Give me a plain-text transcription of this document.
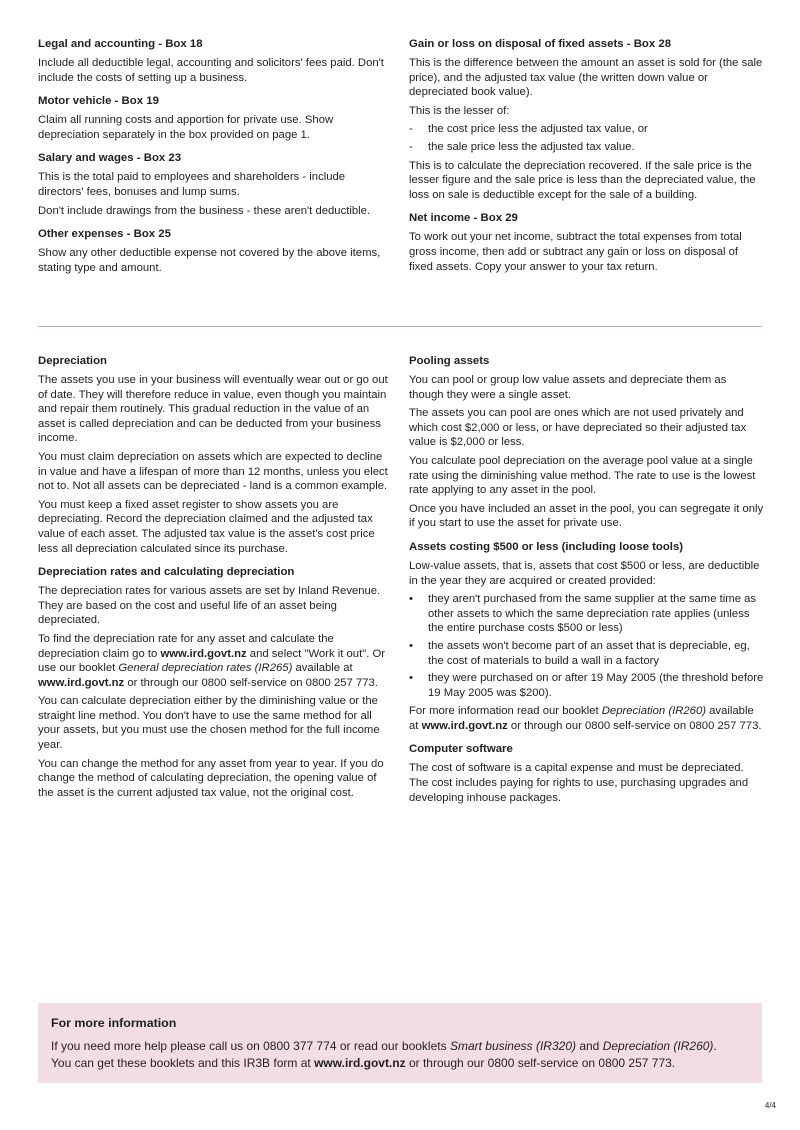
Legal and accounting - Box 18

Include all deductible legal, accounting and solicitors' fees paid. Don't include the costs of setting up a business.

Motor vehicle - Box 19

Claim all running costs and apportion for private use. Show depreciation separately in the box provided on page 1.

Salary and wages - Box 23

This is the total paid to employees and shareholders - include directors' fees, bonuses and lump sums.

Don't include drawings from the business - these aren't deductible.

Other expenses - Box 25

Show any other deductible expense not covered by the above items, stating type and amount.

Gain or loss on disposal of fixed assets - Box 28

This is the difference between the amount an asset is sold for (the sale price), and the adjusted tax value (the written down value or depreciated book value).

This is the lesser of:

- the cost price less the adjusted tax value, or
- the sale price less the adjusted tax value.

This is to calculate the depreciation recovered. If the sale price is the lesser figure and the sale price is less than the depreciated value, the loss on sale is deductible except for the sale of a building.

Net income - Box 29

To work out your net income, subtract the total expenses from total gross income, then add or subtract any gain or loss on disposal of fixed assets. Copy your answer to your tax return.

Depreciation

The assets you use in your business will eventually wear out or go out of date. They will therefore reduce in value, even though you maintain and repair them routinely. This gradual reduction in the value of an asset is called depreciation and can be deducted from your business income.

You must claim depreciation on assets which are expected to decline in value and have a lifespan of more than 12 months, unless you elect not to. Not all assets can be depreciated - land is a common example.

You must keep a fixed asset register to show assets you are depreciating. Record the depreciation claimed and the adjusted tax value of each asset. The adjusted tax value is the asset's cost price less all depreciation calculated since its purchase.

Depreciation rates and calculating depreciation

The depreciation rates for various assets are set by Inland Revenue. They are based on the cost and useful life of an asset being depreciated.

To find the depreciation rate for any asset and calculate the depreciation claim go to www.ird.govt.nz and select "Work it out". Or use our booklet General depreciation rates (IR265) available at www.ird.govt.nz or through our 0800 self-service on 0800 257 773.

You can calculate depreciation either by the diminishing value or the straight line method. You don't have to use the same method for all your assets, but you must use the chosen method for the full income year.

You can change the method for any asset from year to year. If you do change the method of calculating depreciation, the opening value of the asset is the current adjusted tax value, not the original cost.

Pooling assets

You can pool or group low value assets and depreciate them as though they were a single asset.

The assets you can pool are ones which are not used privately and which cost $2,000 or less, or have depreciated so their adjusted tax value is $2,000 or less.

You calculate pool depreciation on the average pool value at a single rate using the diminishing value method. The rate to use is the lowest rate applying to any asset in the pool.

Once you have included an asset in the pool, you can segregate it only if you start to use the asset for private use.

Assets costing $500 or less (including loose tools)

Low-value assets, that is, assets that cost $500 or less, are deductible in the year they are acquired or created provided:

• they aren't purchased from the same supplier at the same time as other assets to which the same depreciation rate applies (unless the entire purchase costs $500 or less)
• the assets won't become part of an asset that is depreciable, eg, the cost of materials to build a wall in a factory
• they were purchased on or after 19 May 2005 (the threshold before 19 May 2005 was $200).

For more information read our booklet Depreciation (IR260) available at www.ird.govt.nz or through our 0800 self-service on 0800 257 773.

Computer software

The cost of software is a capital expense and must be depreciated. The cost includes paying for rights to use, purchasing upgrades and developing inhouse packages.

For more information

If you need more help please call us on 0800 377 774 or read our booklets Smart business (IR320) and Depreciation (IR260).

You can get these booklets and this IR3B form at www.ird.govt.nz or through our 0800 self-service on 0800 257 773.

4/4
